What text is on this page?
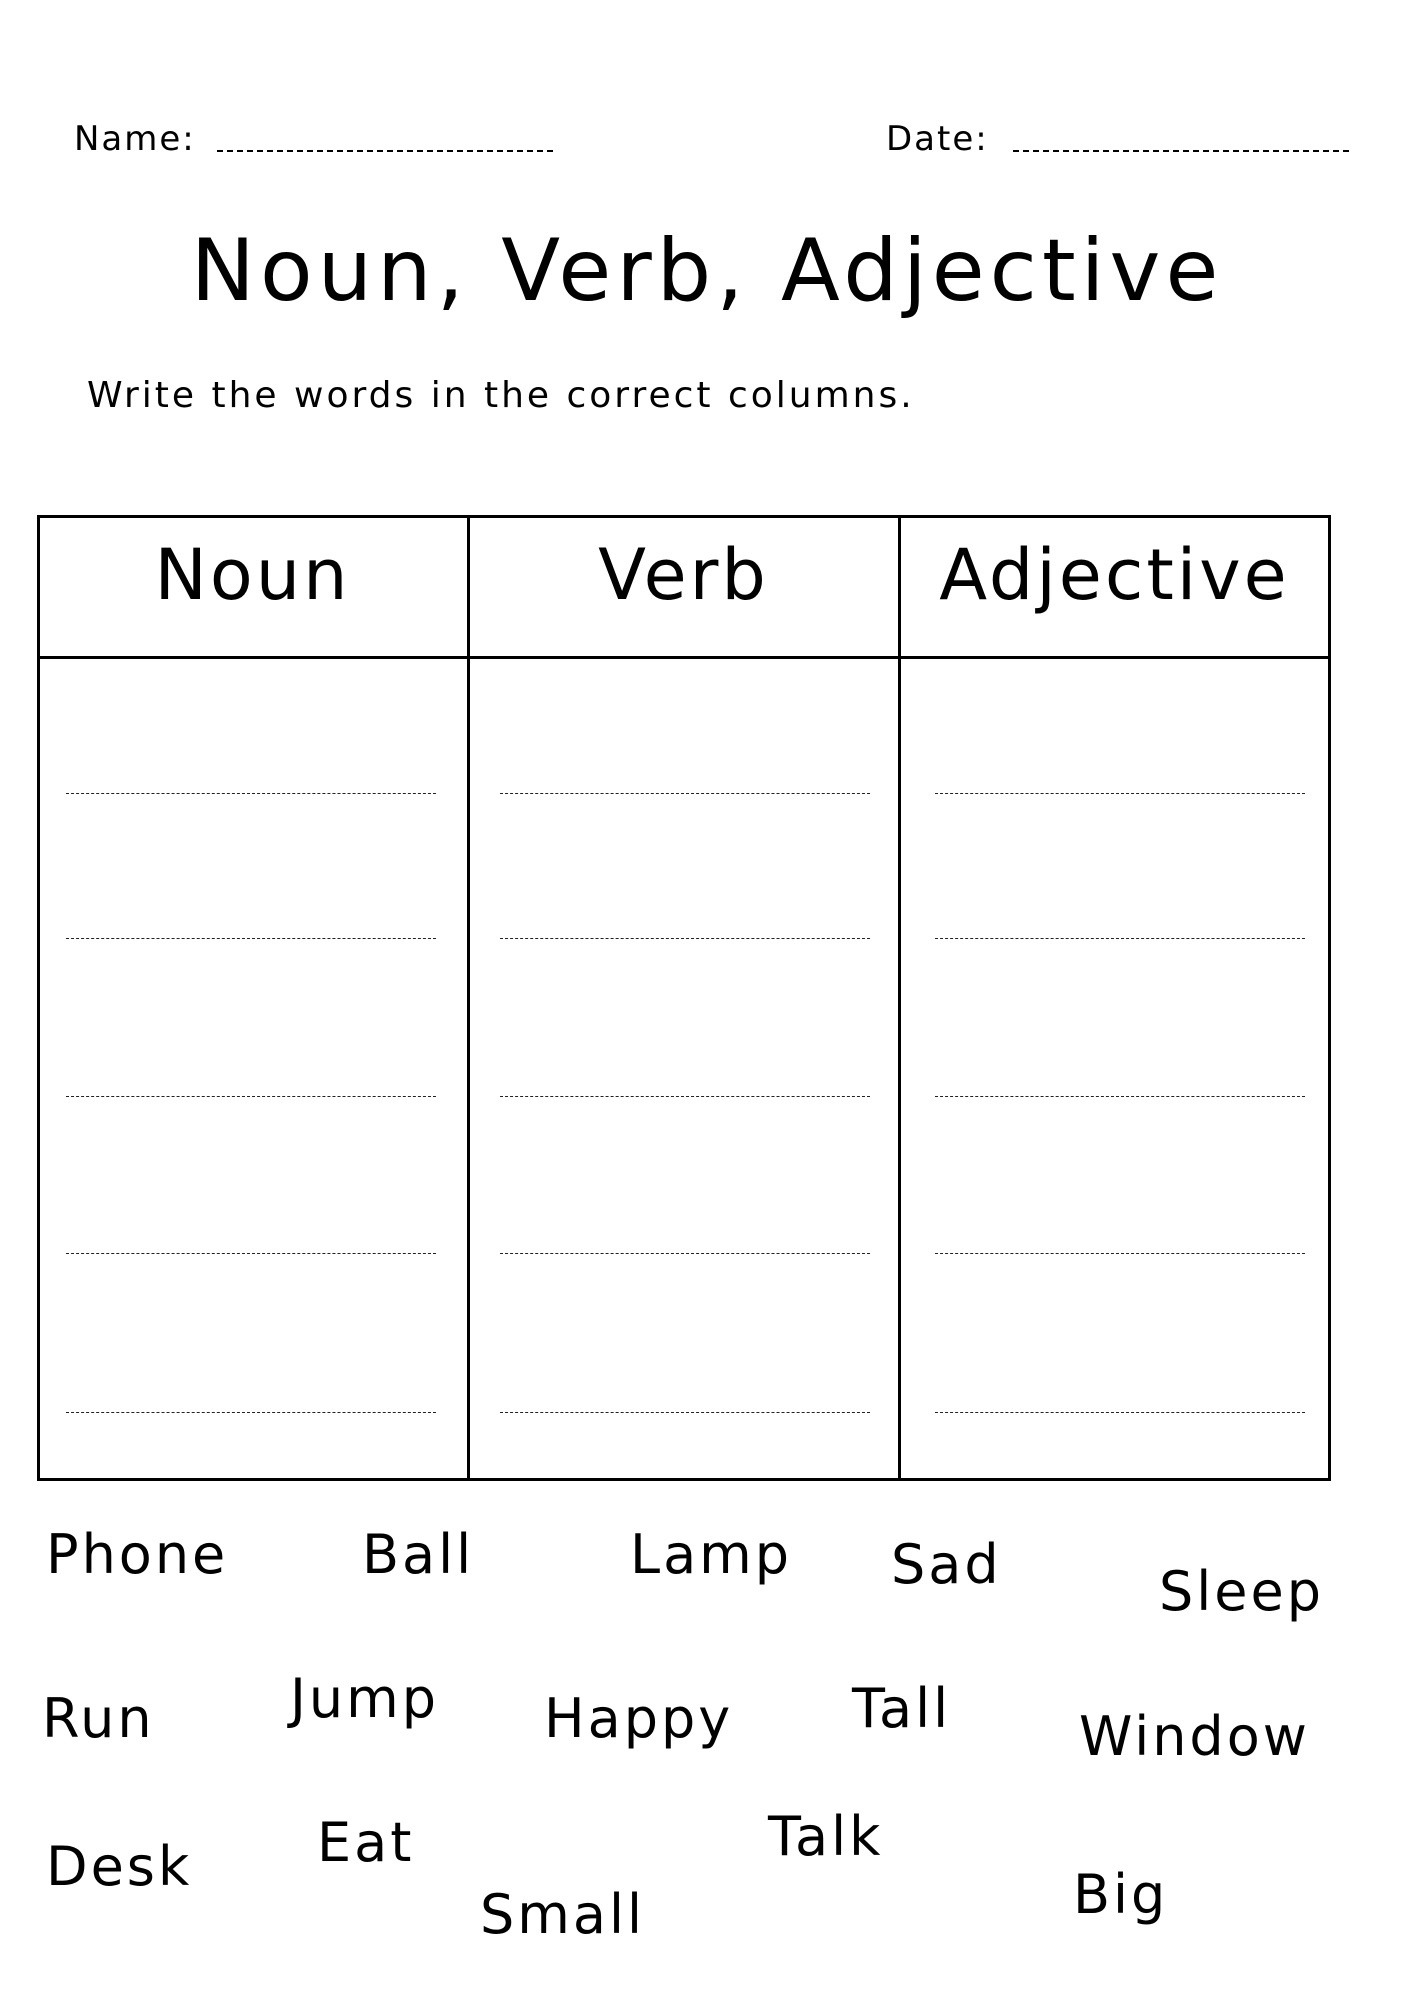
Name:	Date:
Noun, Verb, Adjective
Write the words in the correct columns.
Noun	Verb	Adjective
Phone Ball	Lamp Sad	Sleep
Run	Jump Happy Tall Window
Desk Eat	Talk
Small	Big
